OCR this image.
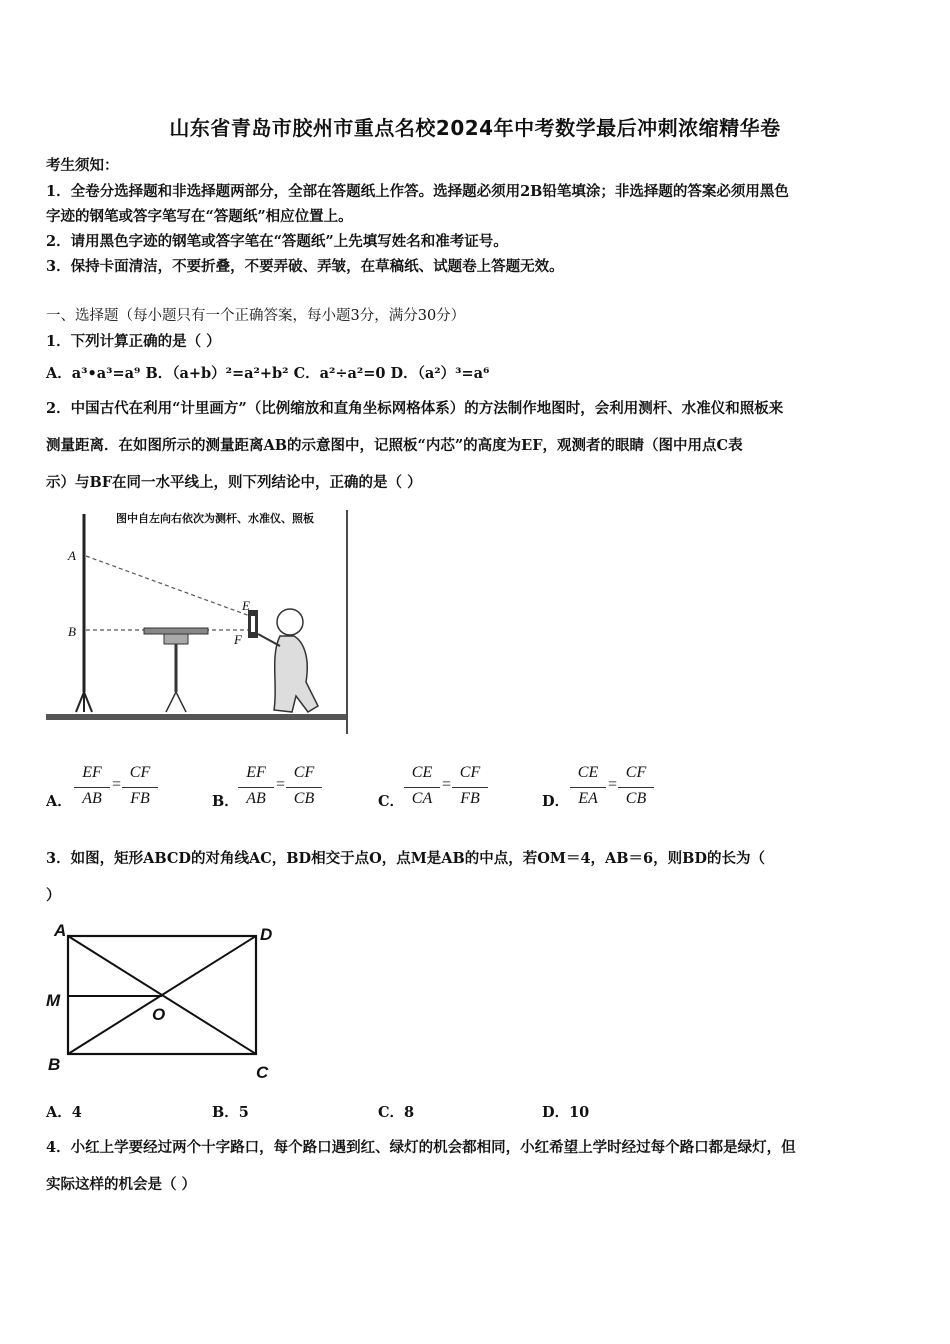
山东省青岛市胶州市重点名校2024年中考数学最后冲刺浓缩精华卷
考生须知：
1．全卷分选择题和非选择题两部分，全部在答题纸上作答。选择题必须用2B铅笔填涂；非选择题的答案必须用黑色
字迹的钢笔或答字笔写在“答题纸”相应位置上。
2．请用黑色字迹的钢笔或答字笔在“答题纸”上先填写姓名和准考证号。
3．保持卡面清洁，不要折叠，不要弄破、弄皱，在草稿纸、试题卷上答题无效。
一、选择题（每小题只有一个正确答案，每小题3分，满分30分）
1．下列计算正确的是（ ）
A．a³•a³=a⁹ B．（a+b）²=a²+b² C．a²÷a²=0 D．（a²）³=a⁶
2．中国古代在利用“计里画方”（比例缩放和直角坐标网格体系）的方法制作地图时，会利用测杆、水准仪和照板来
测量距离．在如图所示的测量距离AB的示意图中，记照板“内芯”的高度为EF，观测者的眼睛（图中用点C表
示）与BF在同一水平线上，则下列结论中，正确的是（ ）
图中自左向右依次为测杆、水准仪、照板
A
B
E
F
A．
EF
AB
=
CF
FB	B．
EF
AB
=
CF
CB	C．
CE
CA
=
CF
FB	D．
CE
EA
=
CF
CB
3．如图，矩形ABCD的对角线AC，BD相交于点O，点M是AB的中点，若OM＝4，AB＝6，则BD的长为（
）
A	D
M
O
B	C
A．4	B．5	C．8	D．10
4．小红上学要经过两个十字路口，每个路口遇到红、绿灯的机会都相同，小红希望上学时经过每个路口都是绿灯，但
实际这样的机会是（ ）
